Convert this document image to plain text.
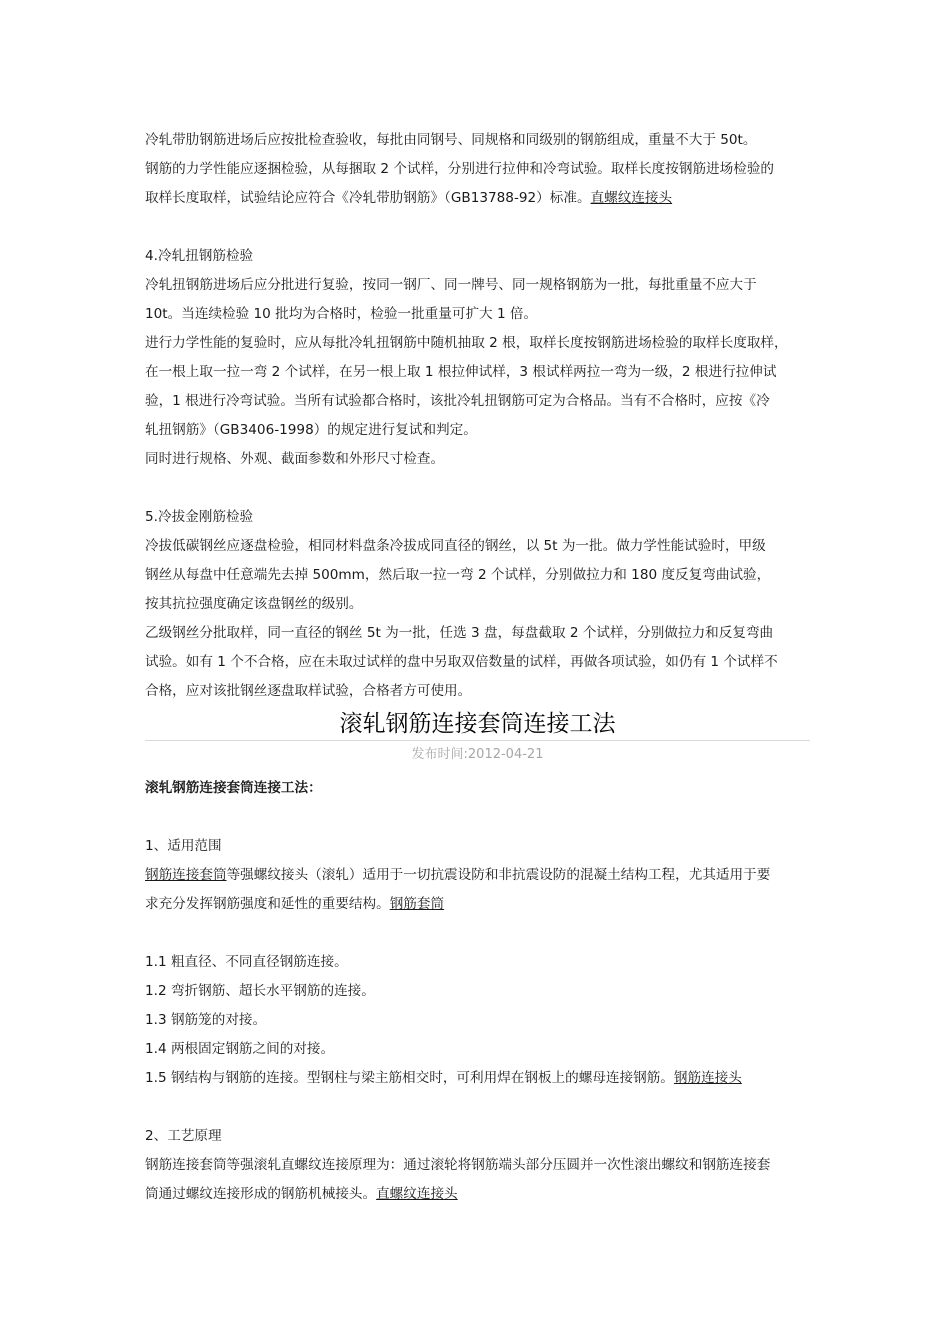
冷轧带肋钢筋进场后应按批检查验收，每批由同钢号、同规格和同级别的钢筋组成，重量不大于 50t。
钢筋的力学性能应逐捆检验，从每捆取 2 个试样，分别进行拉伸和冷弯试验。取样长度按钢筋进场检验的
取样长度取样，试验结论应符合《冷轧带肋钢筋》（GB13788-92）标准。直螺纹连接头
4.冷轧扭钢筋检验
冷轧扭钢筋进场后应分批进行复验，按同一钢厂、同一牌号、同一规格钢筋为一批，每批重量不应大于
10t。当连续检验 10 批均为合格时，检验一批重量可扩大 1 倍。
进行力学性能的复验时，应从每批冷轧扭钢筋中随机抽取 2 根，取样长度按钢筋进场检验的取样长度取样，
在一根上取一拉一弯 2 个试样，在另一根上取 1 根拉伸试样，3 根试样两拉一弯为一级，2 根进行拉伸试
验，1 根进行冷弯试验。当所有试验都合格时，该批冷轧扭钢筋可定为合格品。当有不合格时，应按《冷
轧扭钢筋》（GB3406-1998）的规定进行复试和判定。
同时进行规格、外观、截面参数和外形尺寸检查。
5.冷拔金刚筋检验
冷拔低碳钢丝应逐盘检验，相同材料盘条冷拔成同直径的钢丝，以 5t 为一批。做力学性能试验时，甲级
钢丝从每盘中任意端先去掉 500mm，然后取一拉一弯 2 个试样，分别做拉力和 180 度反复弯曲试验，
按其抗拉强度确定该盘钢丝的级别。
乙级钢丝分批取样，同一直径的钢丝 5t 为一批，任选 3 盘，每盘截取 2 个试样，分别做拉力和反复弯曲
试验。如有 1 个不合格，应在未取过试样的盘中另取双倍数量的试样，再做各项试验，如仍有 1 个试样不
合格，应对该批钢丝逐盘取样试验，合格者方可使用。
滚轧钢筋连接套筒连接工法
发布时间:2012-04-21
滚轧钢筋连接套筒连接工法：
1、适用范围
钢筋连接套筒等强螺纹接头（滚轧）适用于一切抗震设防和非抗震设防的混凝土结构工程，尤其适用于要
求充分发挥钢筋强度和延性的重要结构。钢筋套筒
1.1 粗直径、不同直径钢筋连接。
1.2 弯折钢筋、超长水平钢筋的连接。
1.3 钢筋笼的对接。
1.4 两根固定钢筋之间的对接。
1.5 钢结构与钢筋的连接。型钢柱与梁主筋相交时，可利用焊在钢板上的螺母连接钢筋。钢筋连接头
2、工艺原理
钢筋连接套筒等强滚轧直螺纹连接原理为：通过滚轮将钢筋端头部分压圆并一次性滚出螺纹和钢筋连接套
筒通过螺纹连接形成的钢筋机械接头。直螺纹连接头
